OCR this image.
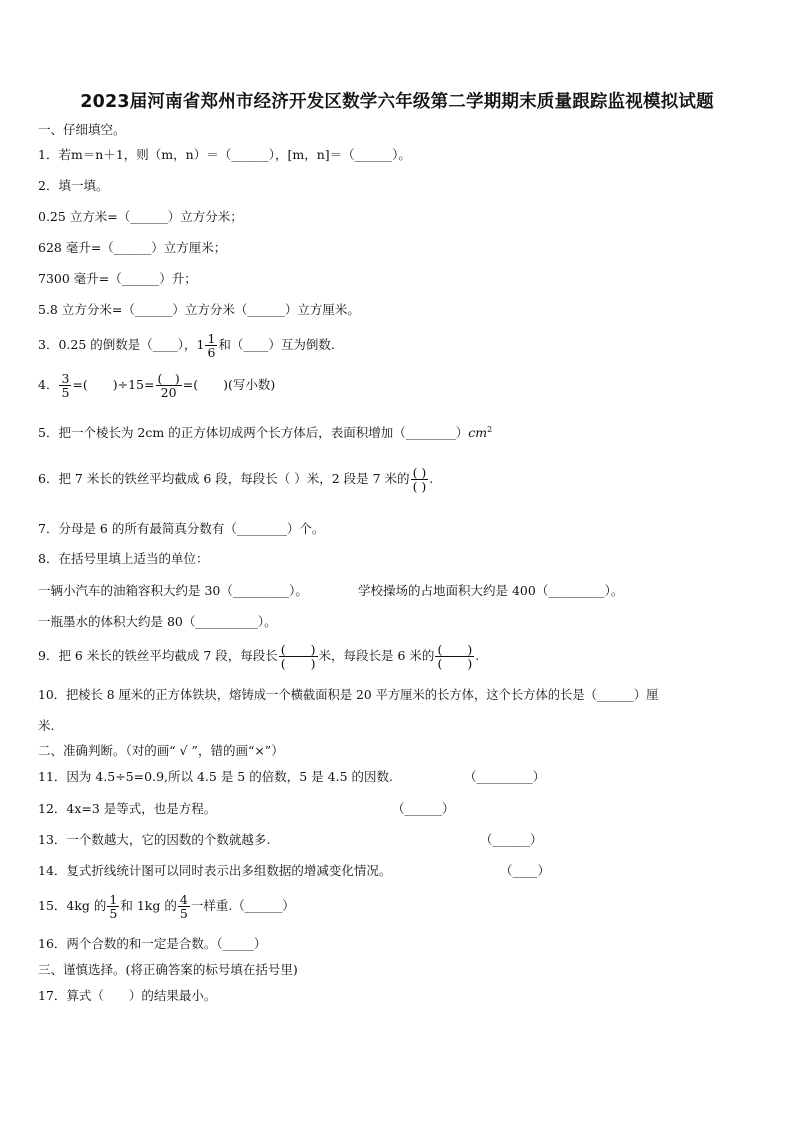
2023届河南省郑州市经济开发区数学六年级第二学期期末质量跟踪监视模拟试题
一、仔细填空。
1．若m＝n＋1，则（m，n）＝（______），[m，n]＝（______）。
2．填一填。
0.25 立方米=（______）立方分米；
628 毫升=（______）立方厘米；
7300 毫升=（______）升；
5.8 立方分米=（______）立方分米（______）立方厘米。
3．0.25 的倒数是（____），$1 \frac{1}{6}$ 和（____）互为倒数.
4． $\frac{3}{5}$ =(　　)$\div 15= \frac{( )}{20}$ =(　　)(写小数)
5．把一个棱长为 2cm 的正方体切成两个长方体后，表面积增加$(\_\_\_\_\_\_\_\_)cm^2$
6．把 7 米长的铁丝平均截成 6 段，每段长（ ）米，2 段是 7 米的 $\frac{( )}{( )}$ .
7．分母是 6 的所有最简真分数有（________）个。
8．在括号里填上适当的单位：
一辆小汽车的油箱容积大约是 30（_________）。	学校操场的占地面积大约是 400（_________）。
一瓶墨水的体积大约是 80（__________）。
9．把 6 米长的铁丝平均截成 7 段，每段长 $\frac{( )}{( )}$ 米，每段长是 6 米的 $\frac{( )}{( )}$ .
10．把棱长 8 厘米的正方体铁块，熔铸成一个横截面积是 20 平方厘米的长方体，这个长方体的长是（______）厘
米.
二、准确判断。（对的画“ √ ”，错的画“×”）
11．因为 4.5÷5=0.9,所以 4.5 是 5 的倍数，5 是 4.5 的因数.	（_________）
12．4x=3 是等式，也是方程。	（______）
13．一个数越大，它的因数的个数就越多.	（______）
14．复式折线统计图可以同时表示出多组数据的增减变化情况。	（____）
15．4kg 的 $\frac{1}{5}$ 和 1kg 的 $\frac{4}{5}$ 一样重.（______）
16．两个合数的和一定是合数。（_____）
三、谨慎选择。(将正确答案的标号填在括号里)
17．算式（　　）的结果最小。
